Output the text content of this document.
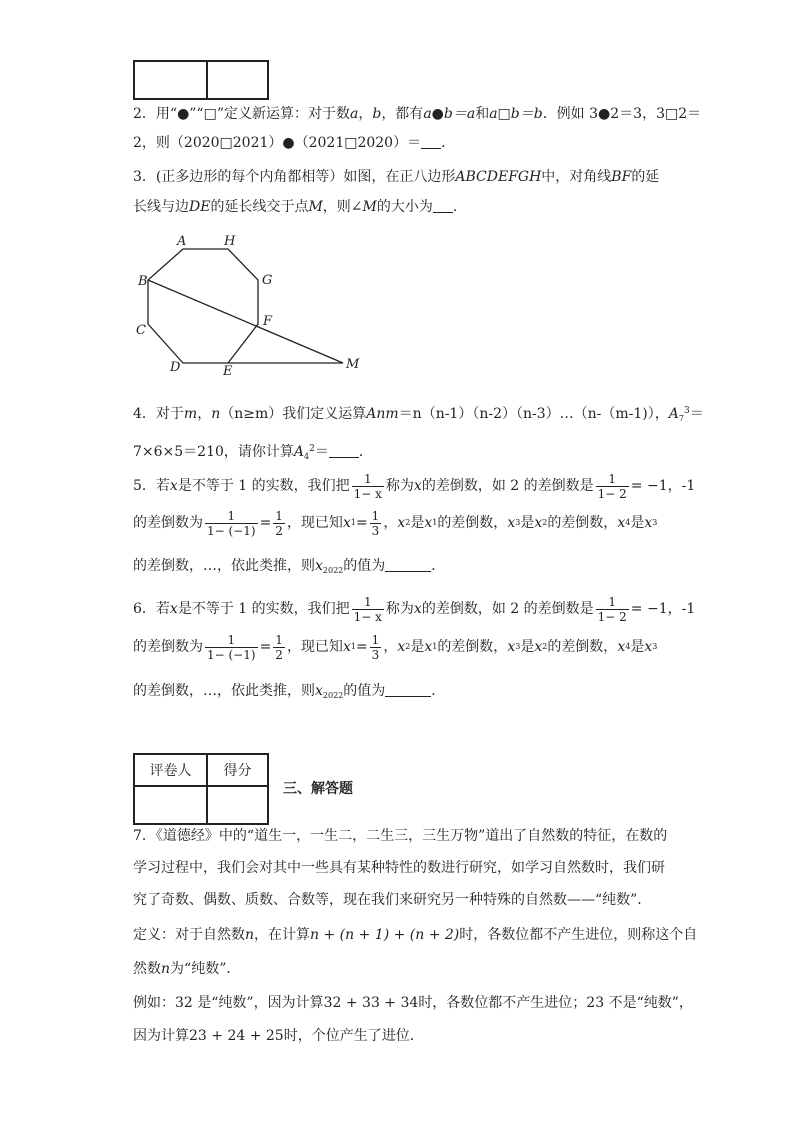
2．用“●”“□”定义新运算：对于数a，b，都有a●b＝a和a□b＝b．例如 3●2＝3，3□2＝
2，则（2020□2021）●（2021□2020）＝ ．
3．(正多边形的每个内角都相等）如图，在正八边形ABCDEFGH中，对角线BF的延
长线与边DE的延长线交于点M，则∠M的大小为 ．
A	H
G
F
E
D
C
B
M
4．对于m，n（n≥m）我们定义运算Anm＝n（n-1）（n-2）（n-3）…（n-（m-1)），$A_7^3=$
7×6×5＝210，请你计算$A_4^2=$ ．
5．若 x 是不等于 1 的实数，我们把 $\frac{1}{1- x}$ 称为 x 的差倒数，如 2 的差倒数是 $\frac{1}{1- 2} = -1$，-1
的差倒数为 $\frac{1}{1- (-1)} = \frac{1}{2}$ ，现已知 x $1 = \frac{1}{3}$ ， x 2 是 x 1 的差倒数， x 3 是 x 2 的差倒数， x 4 是 x 3
的差倒数，…，依此类推，则$x_{2022}$的值为	．
6．若 x 是不等于 1 的实数，我们把 $\frac{1}{1- x}$ 称为 x 的差倒数，如 2 的差倒数是 $\frac{1}{1- 2} = -1$，-1
的差倒数为 $\frac{1}{1- (-1)} = \frac{1}{2}$ ，现已知 x $1 = \frac{1}{3}$ ， x 2 是 x 1 的差倒数， x 3 是 x 2 的差倒数， x 4 是 x 3
的差倒数，…，依此类推，则$x_{2022}$的值为	．
评卷人	得分

三、解答题
7．《道德经》中的“道生一，一生二，二生三，三生万物”道出了自然数的特征，在数的
学习过程中，我们会对其中一些具有某种特性的数进行研究，如学习自然数时，我们研
究了奇数、偶数、质数、合数等，现在我们来研究另一种特殊的自然数——“纯数”．
定义：对于自然数n，在计算n + (n + 1) + (n + 2)时，各数位都不产生进位，则称这个自
然数n为“纯数”．
例如：32 是“纯数”，因为计算32 + 33 + 34时，各数位都不产生进位；23 不是“纯数”，
因为计算23 + 24 + 25时，个位产生了进位．
